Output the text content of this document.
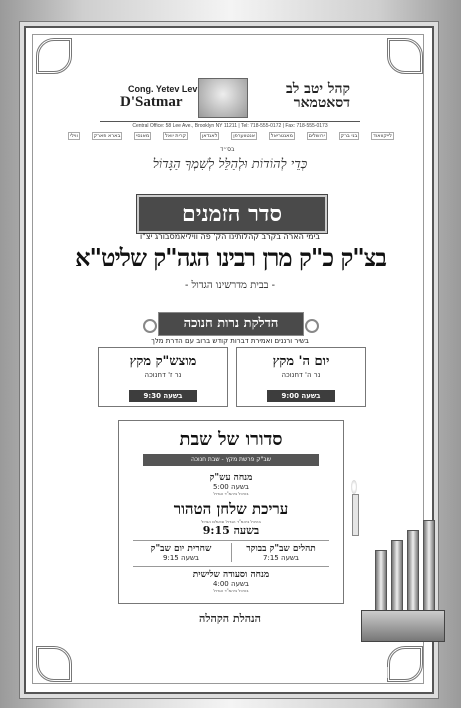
Cong. Yetev Lev
D'Satmar
קהל יטב לב
דסאטמאר
Central Office: 58 Lee Ave., Brooklyn NY 11211 | Tel: 718-555-0172 | Fax: 718-555-0173
ווילי	בארא פארק	מאנסי	קרית יואל	לאנדאן	אנטווערפן	מאנטריאל	ירושלים	בני ברק	לייקוואוד
בס״ד
כְּדֵי לְהוֹדוֹת וּלְהַלֵּל לְשִׁמְךָ הַגָּדוֹל
סדר הזמנים
בימי הארה בקרב קהלותינו הק' פה וויליאמסבורג יצ"ו
בצ"ק כ"ק מרן רבינו הגה"ק שליט"א
- בבית מדרשינו הגדול -
הדלקת נרות חנוכה
בשיר ורננים ואמירת דברות קודש ברוב עם הדרת מלך
יום ה' מקץ
נר ה' דחנוכה
בשעה 9:00
מוצש"ק מקץ
נר ז' דחנוכה
בשעה 9:30
סדורו של שבת
שב"ק פרשת מקץ - שבת חנוכה
מנחה עש"ק
בשעה 5:00
בהיכל ביהמ"ד הגדול
עריכת שלחן הטהור
בהיכל ביהמ"ד הגדול ובאולם הגדול
בשעה 9:15
תהלים שב"ק בבוקר
בשעה 7:15
שחרית יום שב"ק
בשעה 9:15
מנחה וסעודה שלישית
בשעה 4:00
בהיכל ביהמ"ד הגדול
הנהלת הקהלה
JDN
